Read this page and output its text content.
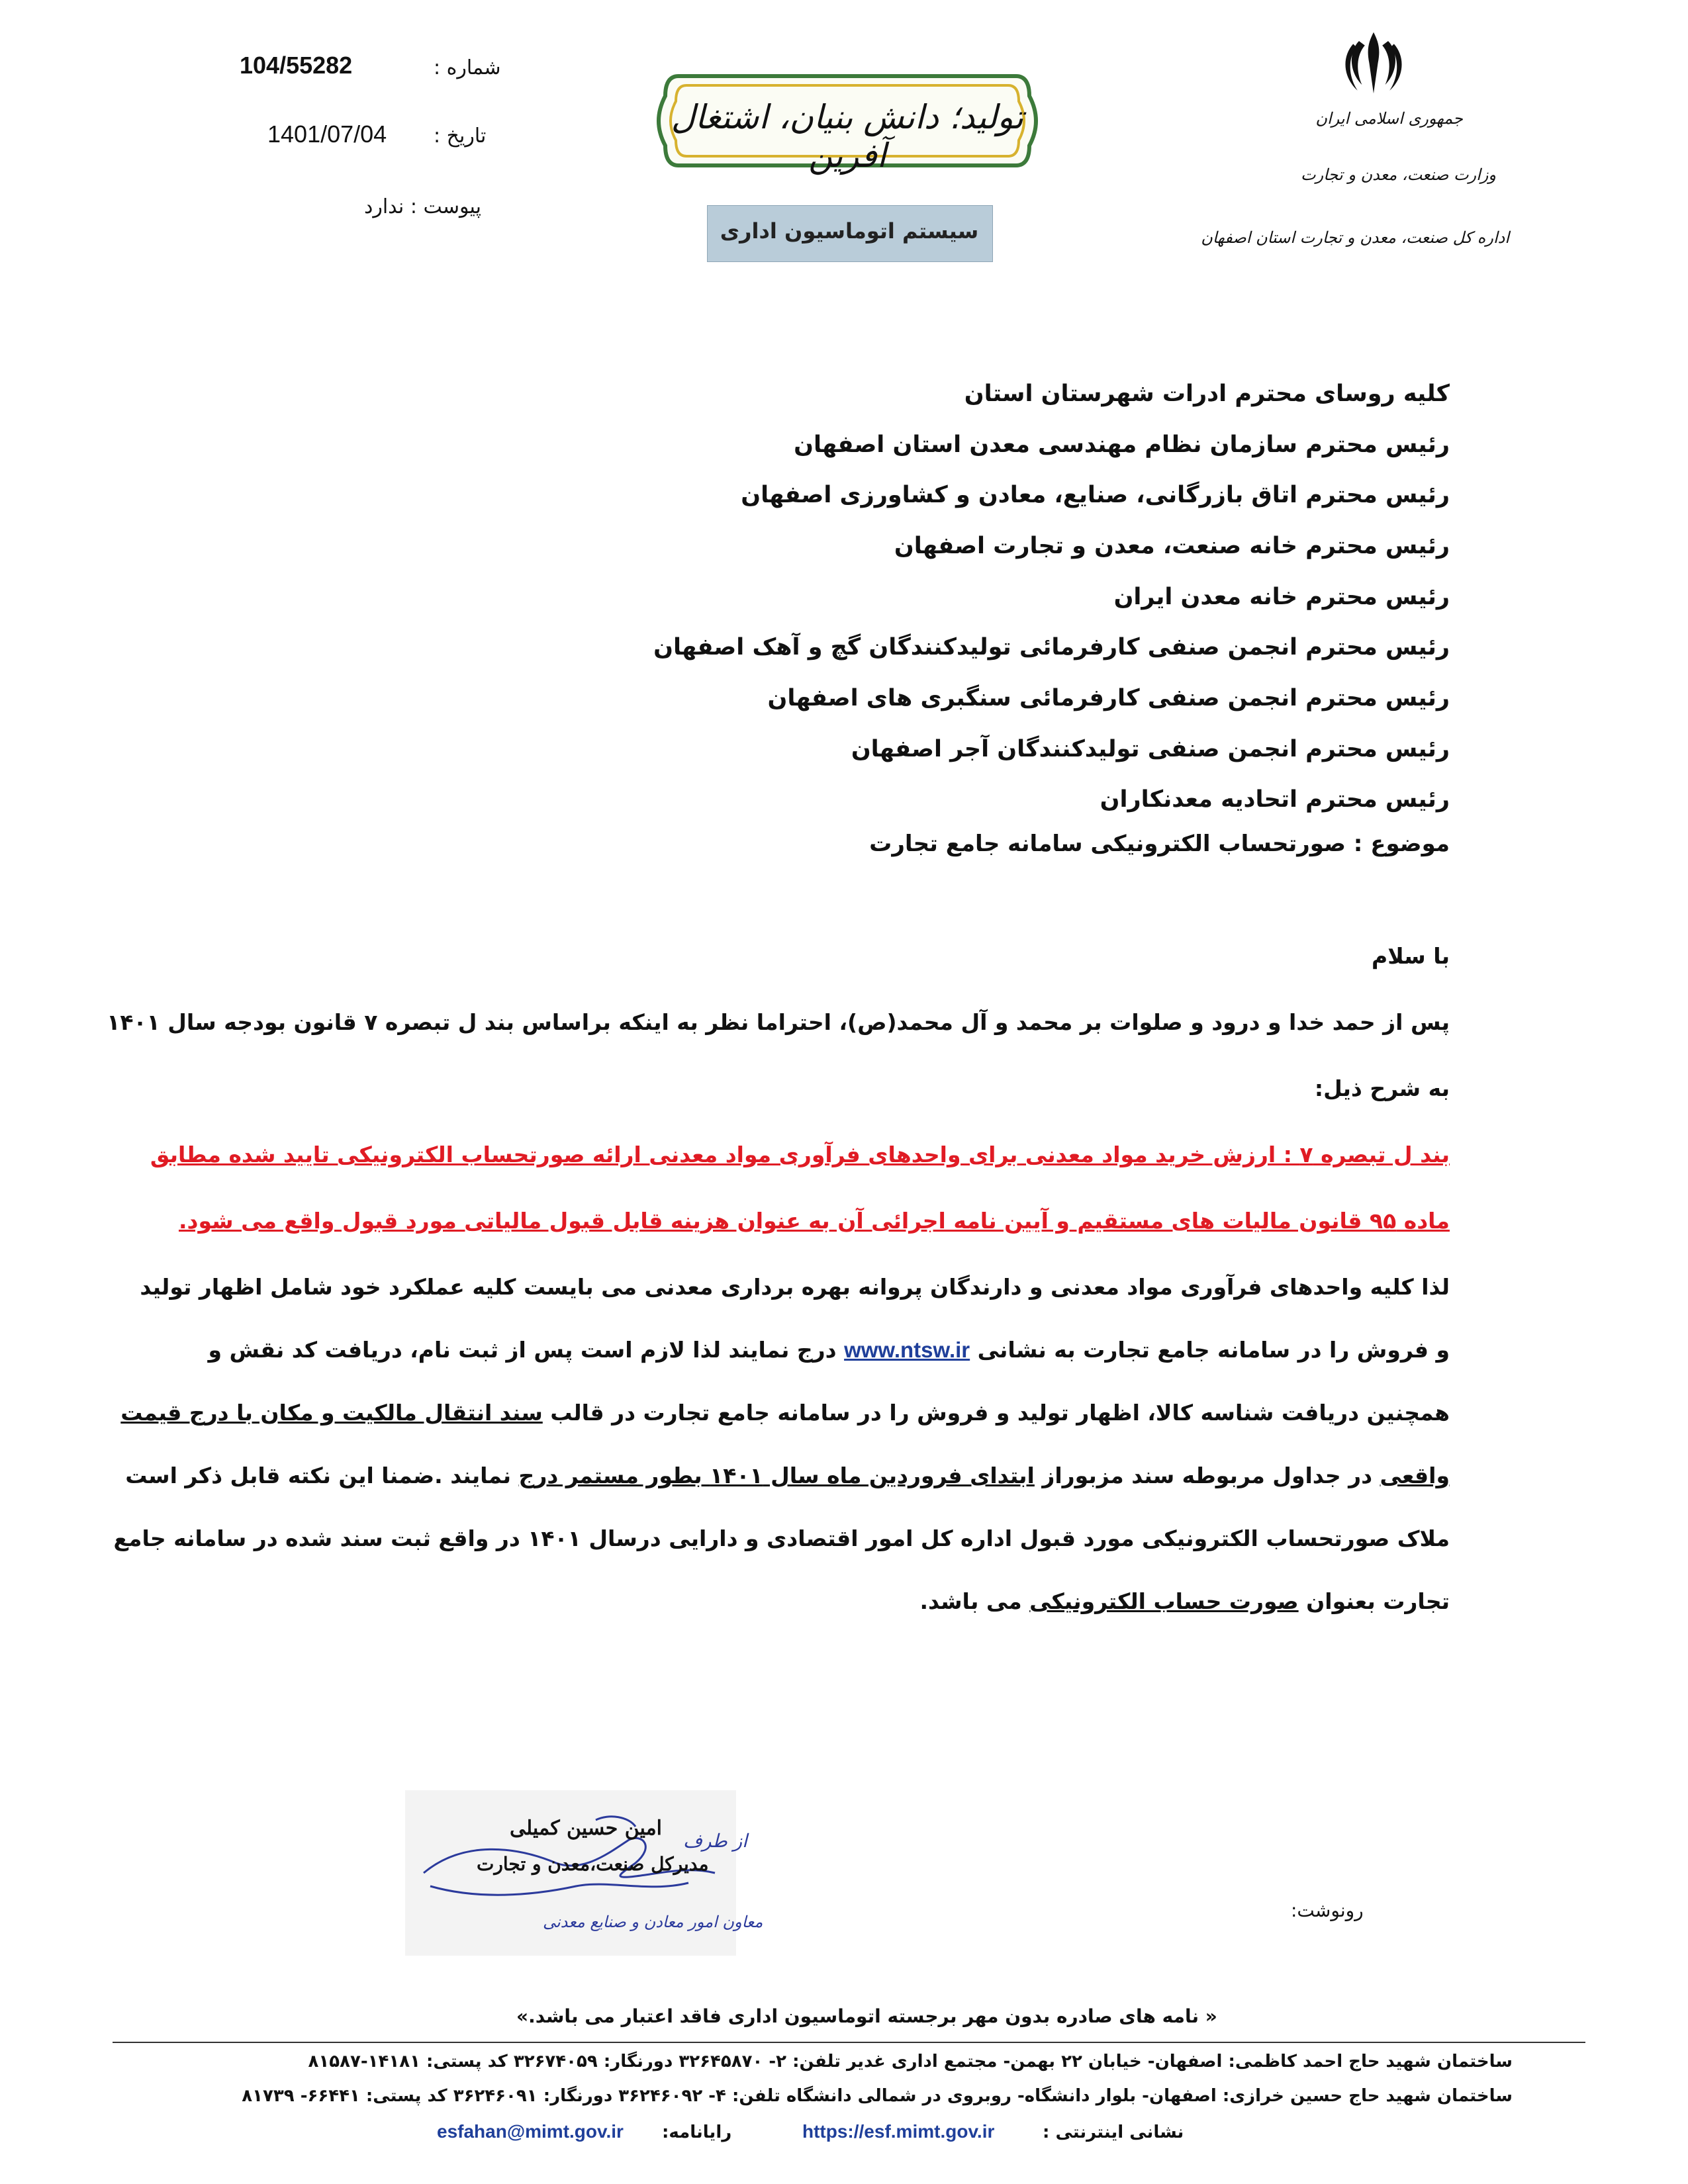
جمهوری اسلامی ایران
وزارت صنعت، معدن و تجارت
اداره کل صنعت، معدن و تجارت استان اصفهان
تولید؛ دانش بنیان، اشتغال آفرین
سیستم اتوماسیون اداری
شماره :
104/55282
تاریخ :
1401/07/04
پیوست : ندارد
کلیه روسای محترم ادرات شهرستان استان
رئیس محترم سازمان نظام مهندسی معدن استان اصفهان
رئیس محترم اتاق بازرگانی، صنایع، معادن و کشاورزی اصفهان
رئیس محترم خانه صنعت، معدن و تجارت اصفهان
رئیس محترم خانه معدن ایران
رئیس محترم انجمن صنفی کارفرمائی تولیدکنندگان گچ و آهک اصفهان
رئیس محترم انجمن صنفی کارفرمائی سنگبری های اصفهان
رئیس محترم انجمن صنفی تولیدکنندگان آجر اصفهان
رئیس محترم اتحادیه معدنکاران
موضوع : صورتحساب الکترونیکی سامانه جامع تجارت
با سلام
پس از حمد خدا و درود و صلوات بر محمد و آل محمد(ص)، احتراما نظر به اینکه براساس بند ل تبصره ۷ قانون بودجه سال ۱۴۰۱
به شرح ذیل:
بند ل تبصره ۷ : ارزش خرید مواد معدنی برای واحدهای فرآوری مواد معدنی ارائه صورتحساب الکترونیکی تایید شده مطابق
ماده ۹۵ قانون مالیات های مستقیم و آیین نامه اجرائی آن به عنوان هزینه قابل قبول مالیاتی مورد قبول واقع می شود.
لذا کلیه واحدهای فرآوری مواد معدنی و دارندگان پروانه بهره برداری معدنی می بایست کلیه عملکرد خود شامل اظهار تولید
و فروش را در سامانه جامع تجارت به نشانی www.ntsw.ir درج نمایند لذا لازم است پس از ثبت نام، دریافت کد نقش و
همچنین دریافت شناسه کالا، اظهار تولید و فروش را در سامانه جامع تجارت در قالب سند انتقال مالکیت و مکان با درج قیمت
واقعی در جداول مربوطه سند مزبوراز ابتدای فروردین ماه سال ۱۴۰۱ بطور مستمر درج نمایند .ضمنا این نکته قابل ذکر است
ملاک صورتحساب الکترونیکی مورد قبول اداره کل امور اقتصادی و دارایی درسال ۱۴۰۱ در واقع ثبت سند شده در سامانه جامع
تجارت بعنوان صورت حساب الکترونیکی می باشد.
از طرف
امین حسین کمیلی
مدیرکل صنعت،معدن و تجارت
معاون امور معادن و صنایع معدنی
رونوشت:
« نامه های صادره بدون مهر برجسته اتوماسیون اداری فاقد اعتبار می باشد.»
ساختمان شهید حاج احمد کاظمی: اصفهان- خیابان ۲۲ بهمن- مجتمع اداری غدیر تلفن: ۲- ۳۲۶۴۵۸۷۰ دورنگار: ۳۲۶۷۴۰۵۹ کد پستی: ۱۴۱۸۱-۸۱۵۸۷
ساختمان شهید حاج حسین خرازی: اصفهان- بلوار دانشگاه- روبروی در شمالی دانشگاه تلفن: ۴- ۳۶۲۴۶۰۹۲ دورنگار: ۳۶۲۴۶۰۹۱ کد پستی: ۶۶۴۴۱- ۸۱۷۳۹
نشانی اینترنتی :
https://esf.mimt.gov.ir
رایانامه:
esfahan@mimt.gov.ir
